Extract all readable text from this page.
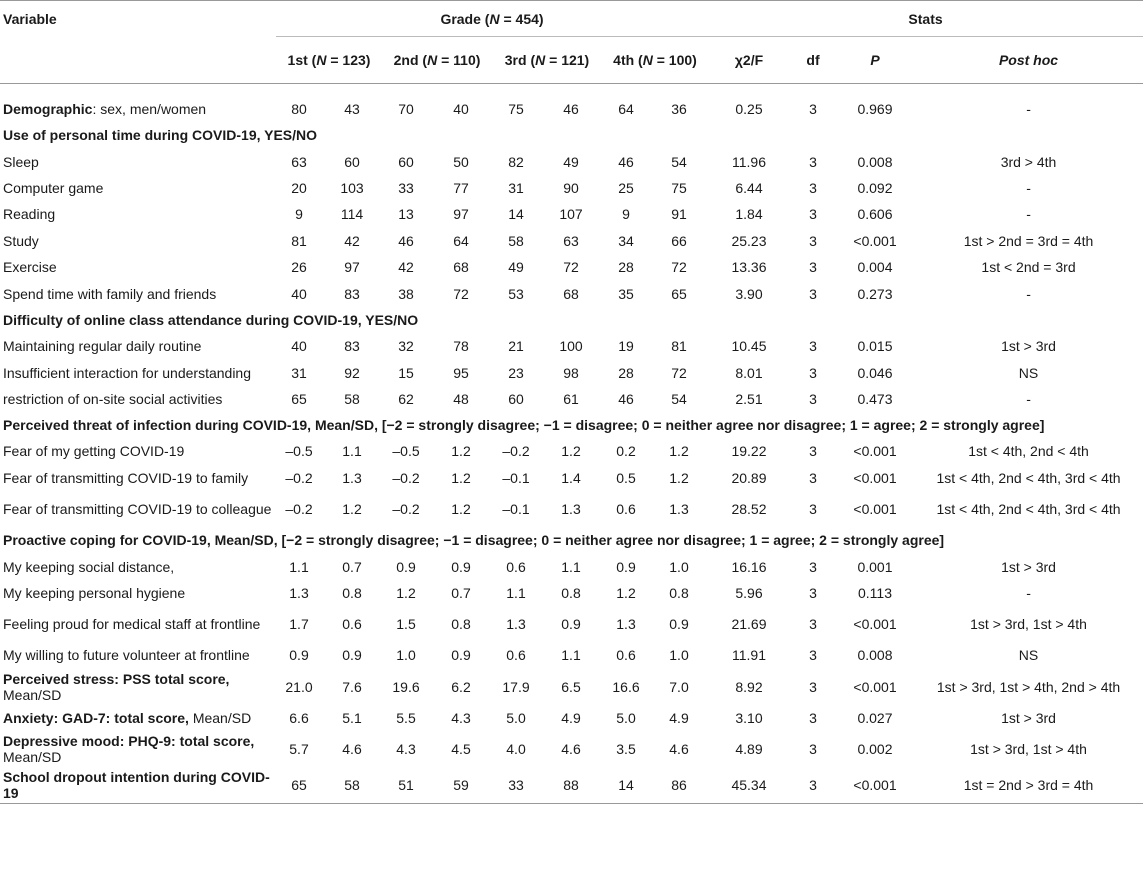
Variable	Grade (N = 454)								Stats			
	1st (N = 123)		2nd (N = 110)		3rd (N = 121)		4th (N = 100)		χ2/F	df	P	Post hoc
Demographic: sex, men/women	80	43	70	40	75	46	64	36	0.25	3	0.969	-
Use of personal time during COVID-19, YES/NO												
Sleep	63	60	60	50	82	49	46	54	11.96	3	0.008	3rd > 4th
Computer game	20	103	33	77	31	90	25	75	6.44	3	0.092	-
Reading	9	114	13	97	14	107	9	91	1.84	3	0.606	-
Study	81	42	46	64	58	63	34	66	25.23	3	<0.001	1st > 2nd = 3rd = 4th
Exercise	26	97	42	68	49	72	28	72	13.36	3	0.004	1st < 2nd = 3rd
Spend time with family and friends	40	83	38	72	53	68	35	65	3.90	3	0.273	-
Difficulty of online class attendance during COVID-19, YES/NO												
Maintaining regular daily routine	40	83	32	78	21	100	19	81	10.45	3	0.015	1st > 3rd
Insufficient interaction for understanding	31	92	15	95	23	98	28	72	8.01	3	0.046	NS
restriction of on-site social activities	65	58	62	48	60	61	46	54	2.51	3	0.473	-
Perceived threat of infection during COVID-19, Mean/SD, [−2 = strongly disagree; −1 = disagree; 0 = neither agree nor disagree; 1 = agree; 2 = strongly agree]												
Fear of my getting COVID-19	–0.5	1.1	–0.5	1.2	–0.2	1.2	0.2	1.2	19.22	3	<0.001	1st < 4th, 2nd < 4th
Fear of transmitting COVID-19 to family	–0.2	1.3	–0.2	1.2	–0.1	1.4	0.5	1.2	20.89	3	<0.001	1st < 4th, 2nd < 4th, 3rd < 4th
Fear of transmitting COVID-19 to colleague	–0.2	1.2	–0.2	1.2	–0.1	1.3	0.6	1.3	28.52	3	<0.001	1st < 4th, 2nd < 4th, 3rd < 4th
Proactive coping for COVID-19, Mean/SD, [−2 = strongly disagree; −1 = disagree; 0 = neither agree nor disagree; 1 = agree; 2 = strongly agree]												
My keeping social distance,	1.1	0.7	0.9	0.9	0.6	1.1	0.9	1.0	16.16	3	0.001	1st > 3rd
My keeping personal hygiene	1.3	0.8	1.2	0.7	1.1	0.8	1.2	0.8	5.96	3	0.113	-
Feeling proud for medical staff at frontline	1.7	0.6	1.5	0.8	1.3	0.9	1.3	0.9	21.69	3	<0.001	1st > 3rd, 1st > 4th
My willing to future volunteer at frontline	0.9	0.9	1.0	0.9	0.6	1.1	0.6	1.0	11.91	3	0.008	NS
Perceived stress: PSS total score, Mean/SD	21.0	7.6	19.6	6.2	17.9	6.5	16.6	7.0	8.92	3	<0.001	1st > 3rd, 1st > 4th, 2nd > 4th
Anxiety: GAD-7: total score, Mean/SD	6.6	5.1	5.5	4.3	5.0	4.9	5.0	4.9	3.10	3	0.027	1st > 3rd
Depressive mood: PHQ-9: total score, Mean/SD	5.7	4.6	4.3	4.5	4.0	4.6	3.5	4.6	4.89	3	0.002	1st > 3rd, 1st > 4th
School dropout intention during COVID-19	65	58	51	59	33	88	14	86	45.34	3	<0.001	1st = 2nd > 3rd = 4th
